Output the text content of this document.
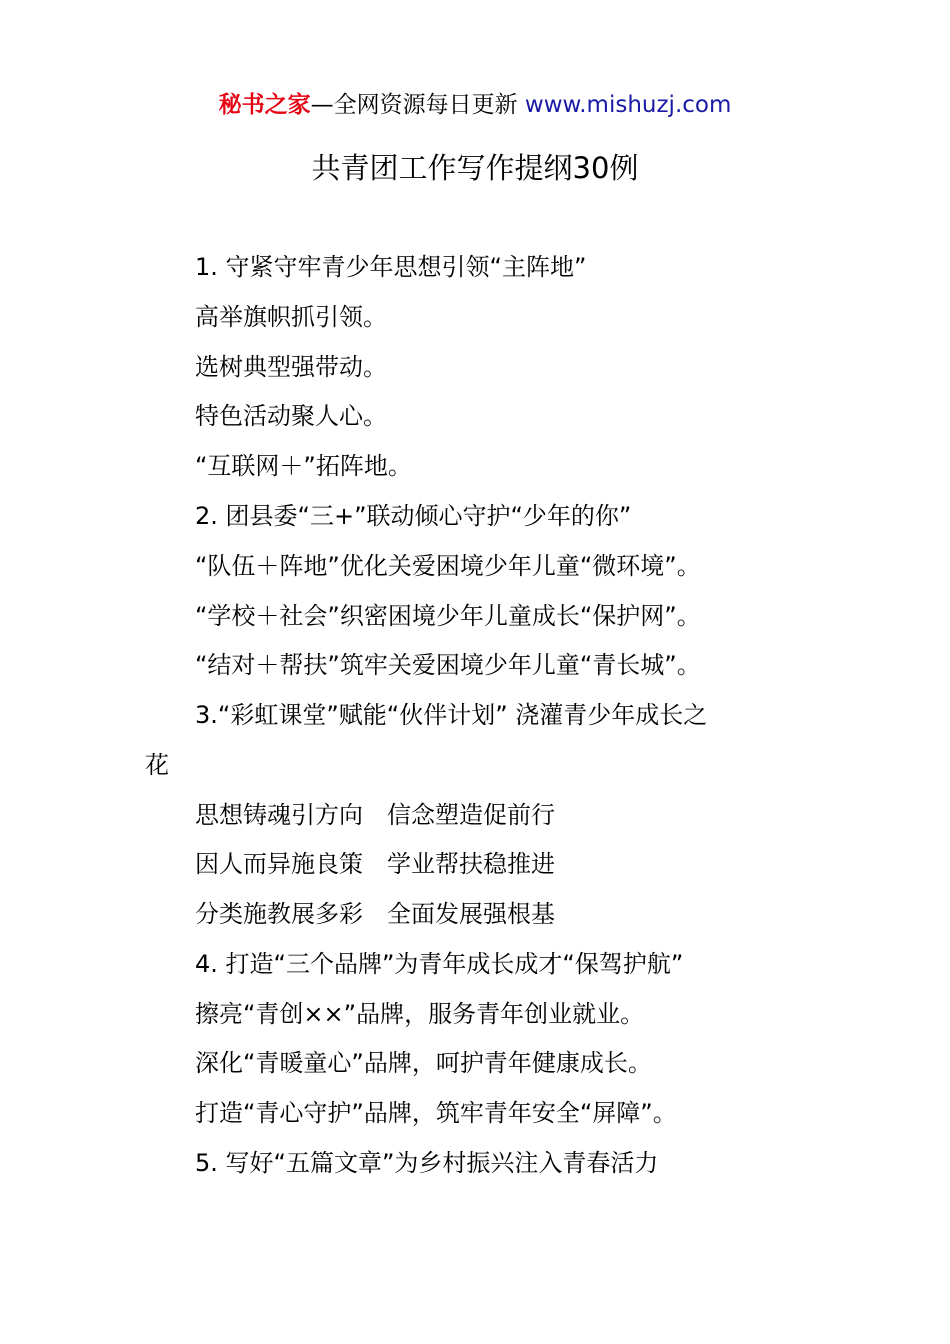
秘书之家—全网资源每日更新 www.mishuzj.com
共青团工作写作提纲30例
1. 守紧守牢青少年思想引领“主阵地”
高举旗帜抓引领。
选树典型强带动。
特色活动聚人心。
“互联网＋”拓阵地。
2. 团县委“三+”联动倾心守护“少年的你”
“队伍＋阵地”优化关爱困境少年儿童“微环境”。
“学校＋社会”织密困境少年儿童成长“保护网”。
“结对＋帮扶”筑牢关爱困境少年儿童“青长城”。
3.“彩虹课堂”赋能“伙伴计划” 浇灌青少年成长之
花
思想铸魂引方向　信念塑造促前行
因人而异施良策　学业帮扶稳推进
分类施教展多彩　全面发展强根基
4. 打造“三个品牌”为青年成长成才“保驾护航”
擦亮“青创××”品牌，服务青年创业就业。
深化“青暖童心”品牌，呵护青年健康成长。
打造“青心守护”品牌，筑牢青年安全“屏障”。
5. 写好“五篇文章”为乡村振兴注入青春活力
